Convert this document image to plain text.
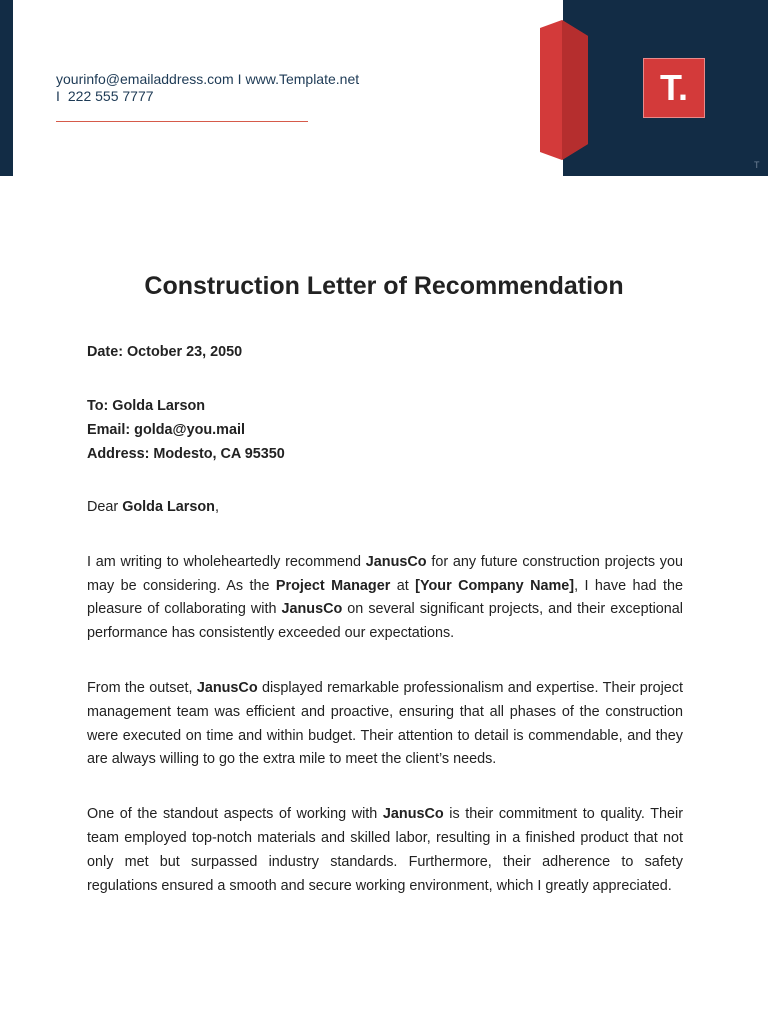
T.
T
yourinfo@emailaddress.com I www.Template.net
I 222 555 7777
Construction Letter of Recommendation
Date: October 23, 2050
To: Golda Larson
Email: golda@you.mail
Address: Modesto, CA 95350

Dear Golda Larson,

I am writing to wholeheartedly recommend JanusCo for any future construction projects you may be considering. As the Project Manager at [Your Company Name], I have had the pleasure of collaborating with JanusCo on several significant projects, and their exceptional performance has consistently exceeded our expectations.

From the outset, JanusCo displayed remarkable professionalism and expertise. Their project management team was efficient and proactive, ensuring that all phases of the construction were executed on time and within budget. Their attention to detail is commendable, and they are always willing to go the extra mile to meet the client’s needs.

One of the standout aspects of working with JanusCo is their commitment to quality. Their team employed top-notch materials and skilled labor, resulting in a finished product that not only met but surpassed industry standards. Furthermore, their adherence to safety regulations ensured a smooth and secure working environment, which I greatly appreciated.
